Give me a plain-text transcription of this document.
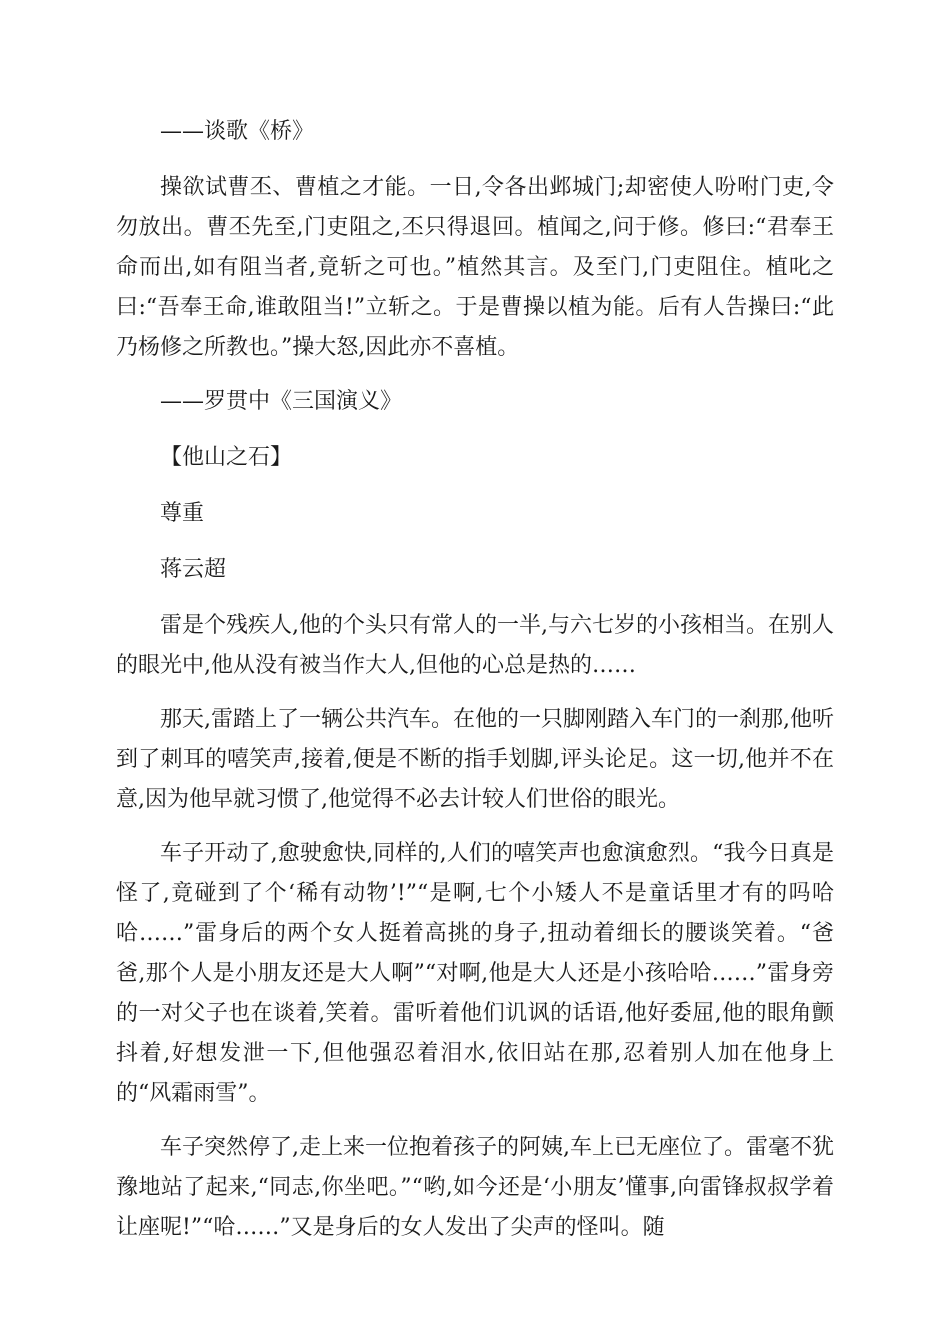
——谈歌《桥》

操欲试曹丕、曹植之才能。一日,令各出邺城门;却密使人吩咐门吏,令勿放出。曹丕先至,门吏阻之,丕只得退回。植闻之,问于修。修曰:“君奉王命而出,如有阻当者,竟斩之可也。”植然其言。及至门,门吏阻住。植叱之曰:“吾奉王命,谁敢阻当!”立斩之。于是曹操以植为能。后有人告操曰:“此乃杨修之所教也。”操大怒,因此亦不喜植。

——罗贯中《三国演义》

【他山之石】

尊重

蒋云超

雷是个残疾人,他的个头只有常人的一半,与六七岁的小孩相当。在别人的眼光中,他从没有被当作大人,但他的心总是热的……

那天,雷踏上了一辆公共汽车。在他的一只脚刚踏入车门的一刹那,他听到了刺耳的嘻笑声,接着,便是不断的指手划脚,评头论足。这一切,他并不在意,因为他早就习惯了,他觉得不必去计较人们世俗的眼光。

车子开动了,愈驶愈快,同样的,人们的嘻笑声也愈演愈烈。“我今日真是怪了,竟碰到了个‘稀有动物’!”“是啊,七个小矮人不是童话里才有的吗哈哈……”雷身后的两个女人挺着高挑的身子,扭动着细长的腰谈笑着。“爸爸,那个人是小朋友还是大人啊”“对啊,他是大人还是小孩哈哈……”雷身旁的一对父子也在谈着,笑着。雷听着他们讥讽的话语,他好委屈,他的眼角颤抖着,好想发泄一下,但他强忍着泪水,依旧站在那,忍着别人加在他身上的“风霜雨雪”。

车子突然停了,走上来一位抱着孩子的阿姨,车上已无座位了。雷毫不犹豫地站了起来,“同志,你坐吧。”“哟,如今还是‘小朋友’懂事,向雷锋叔叔学着让座呢!”“哈……”又是身后的女人发出了尖声的怪叫。随
